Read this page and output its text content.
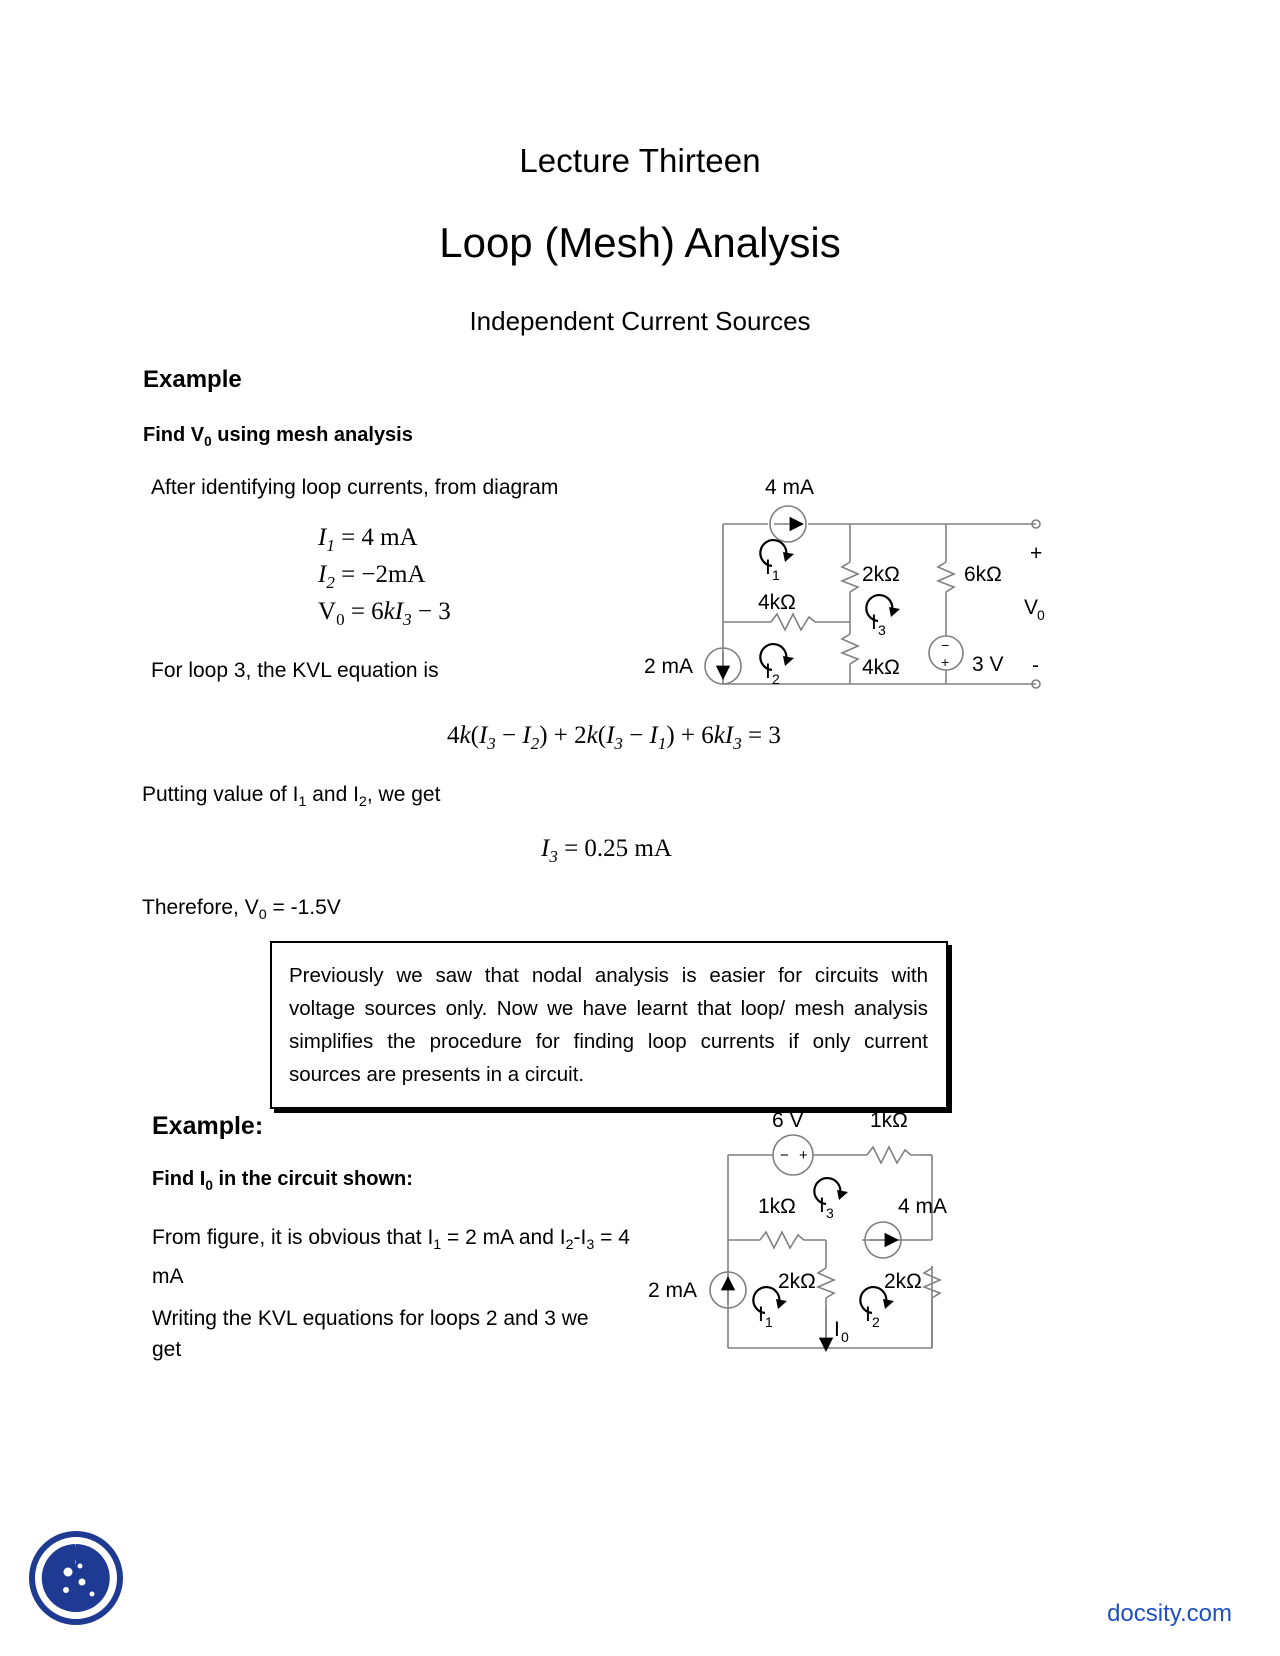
Lecture Thirteen
Loop (Mesh) Analysis
Independent Current Sources
Example
Find $V_0$ using mesh analysis
After identifying loop currents, from diagram
$I_1 = 4$ mA
$I_2 = -2mA$
$V_0 = 6kI_3 - 3$
For loop 3, the KVL equation is
$4k(I_3 - I_2) + 2k(I_3 - I_1) + 6kI_3 = 3$
Putting value of $I_1$ and $I_2$, we get
$I_3 = 0.25$ mA
Therefore, $V_0 = -1.5V$
Previously we saw that nodal analysis is easier for circuits with voltage sources only. Now we have learnt that loop/ mesh analysis simplifies the procedure for finding loop currents if only current sources are presents in a circuit.
Example:
Find $I_0$ in the circuit shown:
From figure, it is obvious that $I_1 = 2$ mA and $I_2-I_3 = 4$ mA
Writing the KVL equations for loops 2 and 3 we get
4 mA
2 mA
2kΩ
4kΩ
6kΩ
4kΩ
−
+ 3 V
I 1
I 2
I 3
+
V
0
-
− +
6 V	1kΩ
1kΩ
2 mA
4 mA
2kΩ	2kΩ
I 3
I 1	I 2
I 0
docsity.com
